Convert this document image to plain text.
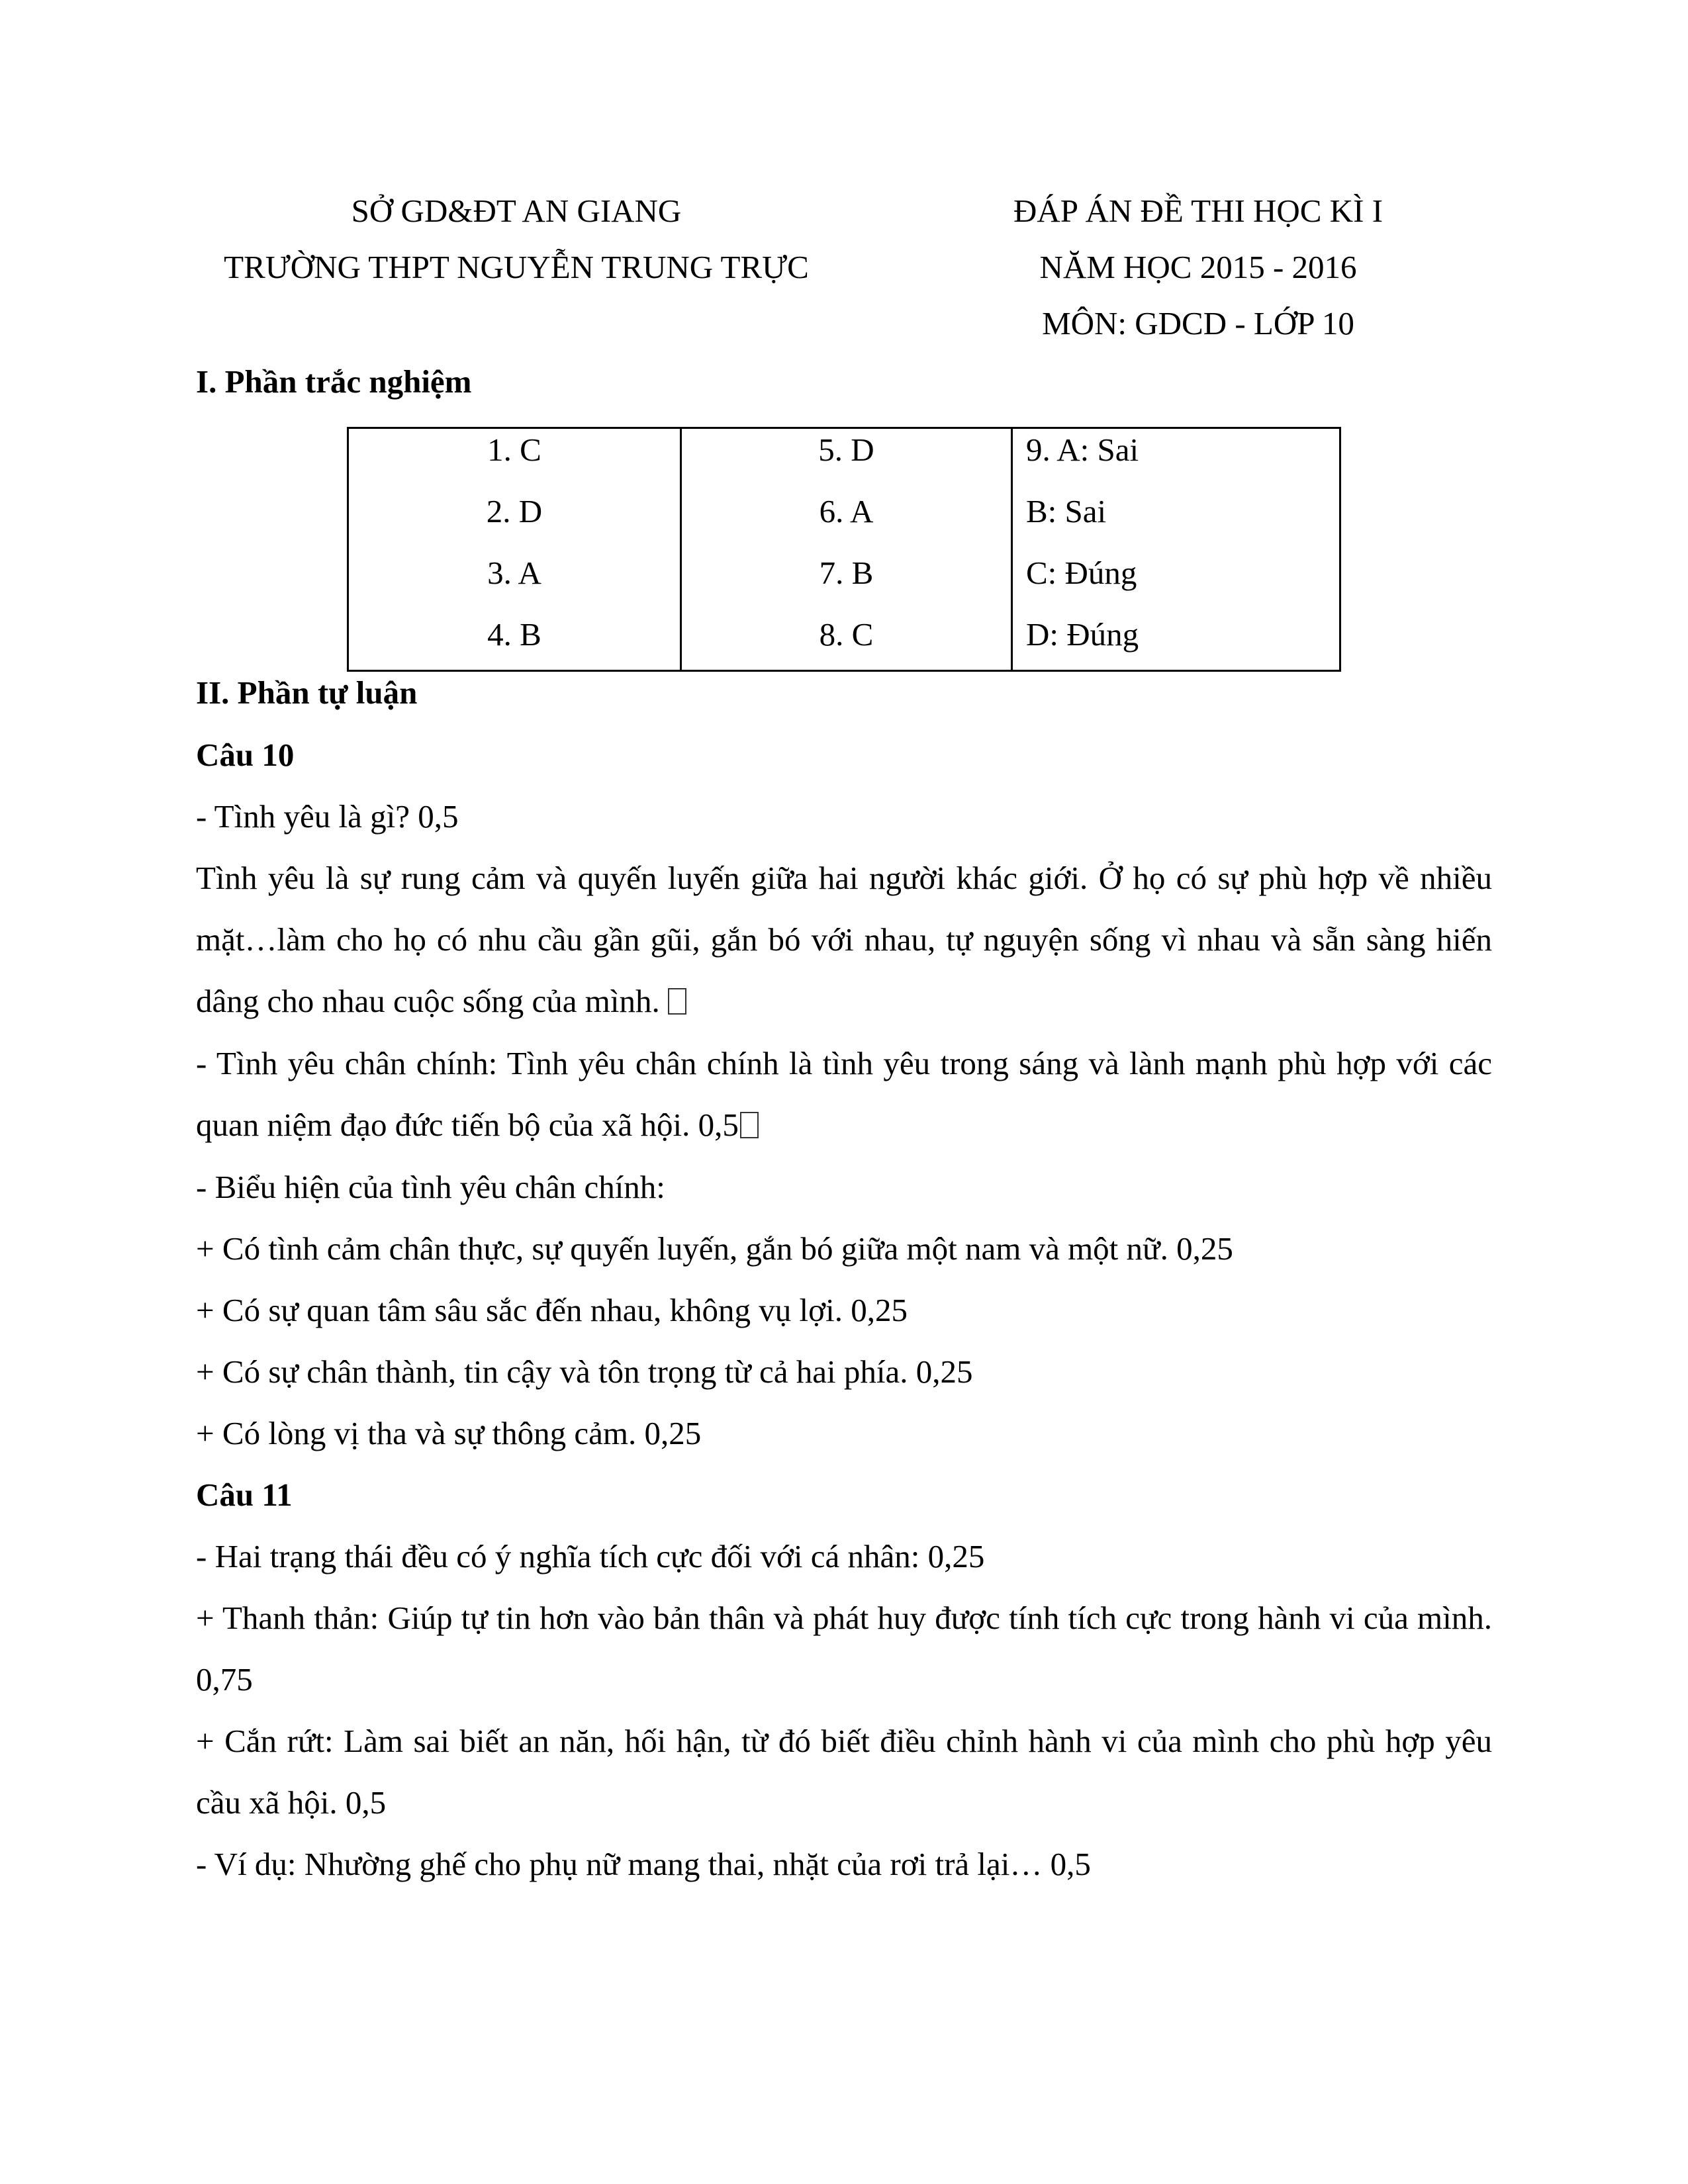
SỞ GD&ĐT AN GIANG
TRƯỜNG THPT NGUYỄN TRUNG TRỰC
ĐÁP ÁN ĐỀ THI HỌC KÌ I
NĂM HỌC 2015 - 2016
MÔN: GDCD - LỚP 10
I. Phần trắc nghiệm
1. C
2. D
3. A
4. B
5. D
6. A
7. B
8. C
9. A: Sai
B: Sai
C: Đúng
D: Đúng
II. Phần tự luận
Câu 10
- Tình yêu là gì? 0,5
Tình yêu là sự rung cảm và quyến luyến giữa hai người khác giới. Ở họ có sự phù hợp về nhiều mặt…làm cho họ có nhu cầu gần gũi, gắn bó với nhau, tự nguyện sống vì nhau và sẵn sàng hiến dâng cho nhau cuộc sống của mình.
- Tình yêu chân chính: Tình yêu chân chính là tình yêu trong sáng và lành mạnh phù hợp với các quan niệm đạo đức tiến bộ của xã hội. 0,5
- Biểu hiện của tình yêu chân chính:
+ Có tình cảm chân thực, sự quyến luyến, gắn bó giữa một nam và một nữ. 0,25
+ Có sự quan tâm sâu sắc đến nhau, không vụ lợi. 0,25
+ Có sự chân thành, tin cậy và tôn trọng từ cả hai phía. 0,25
+ Có lòng vị tha và sự thông cảm. 0,25
Câu 11
- Hai trạng thái đều có ý nghĩa tích cực đối với cá nhân: 0,25
+ Thanh thản: Giúp tự tin hơn vào bản thân và phát huy được tính tích cực trong hành vi của mình. 0,75
+ Cắn rứt: Làm sai biết an năn, hối hận, từ đó biết điều chỉnh hành vi của mình cho phù hợp yêu cầu xã hội. 0,5
- Ví dụ: Nhường ghế cho phụ nữ mang thai, nhặt của rơi trả lại… 0,5
